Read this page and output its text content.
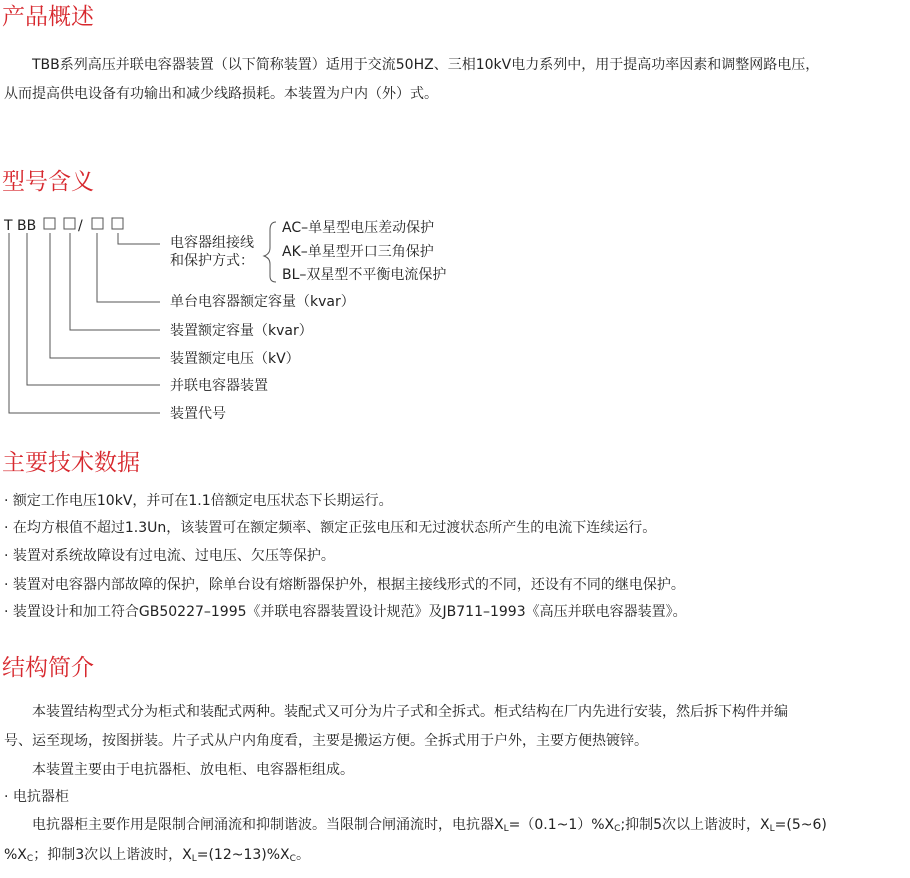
产品概述
TBB系列高压并联电容器装置（以下简称装置）适用于交流50HZ、三相10kV电力系列中，用于提高功率因素和调整网路电压，
从而提高供电设备有功输出和减少线路损耗。本装置为户内（外）式。
型号含义
T BB	/
电容器组接线
和保护方式：
AC–单星型电压差动保护
AK–单星型开口三角保护
BL–双星型不平衡电流保护
单台电容器额定容量（kvar）
装置额定容量（kvar）
装置额定电压（kV）
并联电容器装置
装置代号
主要技术数据
· 额定工作电压10kV，并可在1.1倍额定电压状态下长期运行。
· 在均方根值不超过1.3Un，该装置可在额定频率、额定正弦电压和无过渡状态所产生的电流下连续运行。
· 装置对系统故障设有过电流、过电压、欠压等保护。
· 装置对电容器内部故障的保护，除单台设有熔断器保护外，根据主接线形式的不同，还设有不同的继电保护。
· 装置设计和加工符合GB50227–1995《并联电容器装置设计规范》及JB711–1993《高压并联电容器装置》。
结构简介
本装置结构型式分为柜式和装配式两种。装配式又可分为片子式和全拆式。柜式结构在厂内先进行安装，然后拆下构件并编
号、运至现场，按图拼装。片子式从户内角度看，主要是搬运方便。全拆式用于户外，主要方便热镀锌。
本装置主要由于电抗器柜、放电柜、电容器柜组成。
· 电抗器柜
电抗器柜主要作用是限制合闸涌流和抑制谐波。当限制合闸涌流时，电抗器$X_L=(0.1\sim 1)\%X_C$;抑制5次以上谐波时，$X_L=(5\sim 6)$
$\%X_C$；抑制3次以上谐波时，$X_L=(12\sim 13)\%X_C$。
